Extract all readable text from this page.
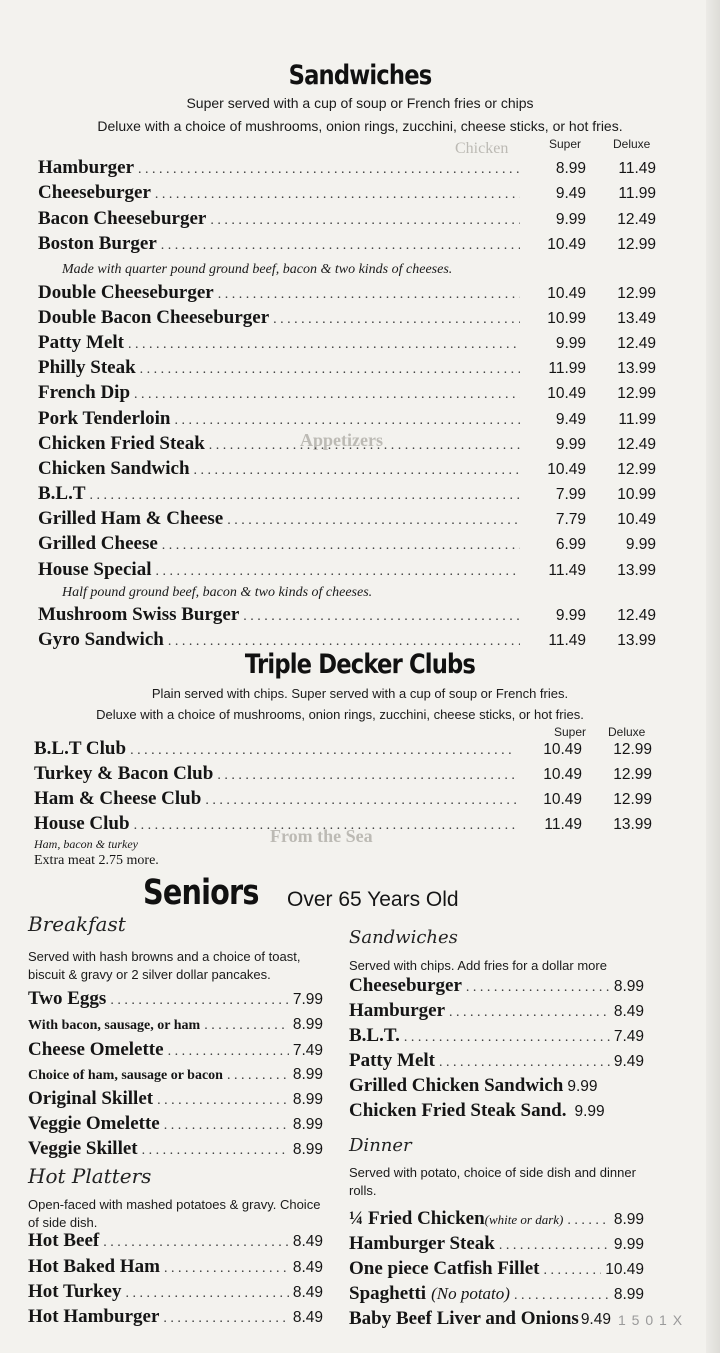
Chicken
Appetizers
From the Sea
Sandwiches
Super served with a cup of soup or French fries or chips
Deluxe with a choice of mushrooms, onion rings, zucchini, cheese sticks, or hot fries.
Super	Deluxe
Hamburger . . .	8.99	11.49
Cheeseburger . . .	9.49	11.99
Bacon Cheeseburger . . .	9.99	12.49
Boston Burger . . .	10.49	12.99
Made with quarter pound ground beef, bacon & two kinds of cheeses.
Double Cheeseburger . . .	10.49	12.99
Double Bacon Cheeseburger . . .	10.99	13.49
Patty Melt . . .	9.99	12.49
Philly Steak . . .	11.99	13.99
French Dip . . .	10.49	12.99
Pork Tenderloin . . .	9.49	11.99
Chicken Fried Steak . . .	9.99	12.49
Chicken Sandwich . . .	10.49	12.99
B.L.T . . .	7.99	10.99
Grilled Ham & Cheese . . .	7.79	10.49
Grilled Cheese . . .	6.99	9.99
House Special . . .	11.49	13.99
Half pound ground beef, bacon & two kinds of cheeses.
Mushroom Swiss Burger . . .	9.99	12.49
Gyro Sandwich . . .	11.49	13.99
Triple Decker Clubs
Plain served with chips. Super served with a cup of soup or French fries.
Deluxe with a choice of mushrooms, onion rings, zucchini, cheese sticks, or hot fries.
Super Deluxe
B.L.T Club . . .	10.49	12.99
Turkey & Bacon Club . . .	10.49	12.99
Ham & Cheese Club . . .	10.49	12.99
House Club . . .	11.49	13.99
Ham, bacon & turkey
Extra meat 2.75 more.
Seniors Over 65 Years Old
Breakfast
Served with hash browns and a choice of toast, biscuit & gravy or 2 silver dollar pancakes.
Two Eggs . . .	7.99
With bacon, sausage, or ham . . .	8.99
Cheese Omelette . . .	7.49
Choice of ham, sausage or bacon . . .	8.99
Original Skillet . . .	8.99
Veggie Omelette . . .	8.99
Veggie Skillet . . .	8.99
Hot Platters
Open-faced with mashed potatoes & gravy. Choice of side dish.
Hot Beef . . .	8.49
Hot Baked Ham . . .	8.49
Hot Turkey . . .	8.49
Hot Hamburger . . .	8.49
Sandwiches
Served with chips. Add fries for a dollar more
Cheeseburger . . .	8.99
Hamburger . . .	8.49
B.L.T. . . .	7.49
Patty Melt . . .	9.49
Grilled Chicken Sandwich 9.99
Chicken Fried Steak Sand. 9.99
Dinner
Served with potato, choice of side dish and dinner rolls.
¼ Fried Chicken (white or dark) . . .	8.99
Hamburger Steak . . .	9.99
One piece Catfish Fillet . . .	10.49
Spaghetti (No potato) . . .	8.99
Baby Beef Liver and Onions 9.49 1 5 0 1 X
